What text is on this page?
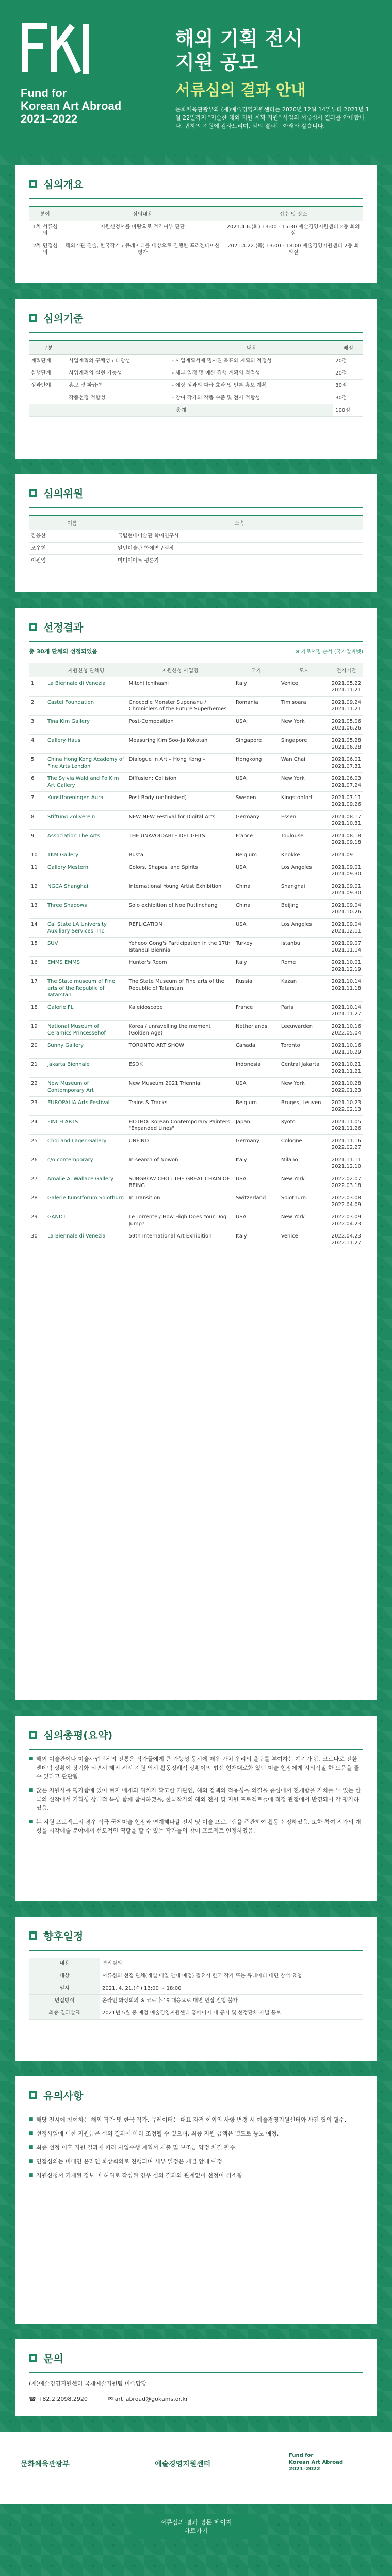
Fund for
Korean Art Abroad
2021–2022
해외 기획 전시
지원 공모
서류심의 결과 안내
문화체육관광부와 (재)예술경영지원센터는 2020년 12월 14일부터 2021년 1월 22일까지 "저술한 해외 지원 계획 지원" 사업의 서류심사 결과를 안내합니다. 귀하의 지원에 감사드리며, 심의 결과는 아래와 같습니다.
심의개요
분야	심의내용	접수 및 장소
1차 서류심의	지원신청서를 바탕으로 적격여부 판단	2021.4.6.(화) 13:00 - 15:30 예술경영지원센터 2층 회의실
2차 면접심의	해외기관 진술, 한국작가 / 큐레이터를 대상으로 진행한 프리젠테이션 평가	2021.4.22.(목) 13:00 - 18:00 예술경영지원센터 2층 회의실
심의기준
구분		내용	배점
계획단계	사업계획의 구체성 / 타당성	- 사업계획서에 명시된 목표와 계획의 적정성	20점
실행단계	사업계획의 실현 가능성	- 세부 일정 및 예산 집행 계획의 적절성	20점
성과단계	홍보 및 파급력	- 예상 성과의 파급 효과 및 언론 홍보 계획	30점
	작품선정 적합성	- 참여 작가의 작품 수준 및 전시 적합성	30점
총계			100점
심의위원
이름	소속
김용한	국립현대미술관 학예연구사
조우현	일민미술관 학예연구실장
이원영	미디어아트 평론가
선정결과
총 30개 단체의 선정되었음	※ 가로서명 순서 (국가알파벳)
	지원신청 단체명	지원신청 사업명	국가	도시	전시기간
1	La Biennale di Venezia	Mitchi Ichihashi	Italy	Venice	2021.05.22 2021.11.21
2	Castel Foundation	Cnocodle Monster Supenanu / Chroniclers of the Future Superheroes	Romania	Timisoara	2021.09.24 2021.11.21
3	Tina Kim Gallery	Post-Composition	USA	New York	2021.05.06 2021.06.26
4	Gallery Haus	Measuring Kim Soo-Ja Kokotan	Singapore	Singapore	2021.05.28 2021.06.28
5	China Hong Kong Academy of Fine Arts London	Dialogue in Art – Hong Kong –	Hongkong	Wan Chai	2021.06.01 2021.07.31
6	The Sylvia Wald and Po Kim Art Gallery	Diffusion: Collision	USA	New York	2021.06.03 2021.07.24
7	Kunstforeningen Aura	Post Body (unfinished)	Sweden	Kingstonfort	2021.07.11 2021.09.26
8	Stiftung Zollverein	NEW NEW Festival for Digital Arts	Germany	Essen	2021.08.17 2021.10.31
9	Association The Arts	THE UNAVOIDABLE DELIGHTS	France	Toulouse	2021.08.18 2021.09.18
10	TKM Gallery	Busta	Belgium	Knokke	2021.09
11	Gallery Mestern	Colors, Shapes, and Spirits	USA	Los Angeles	2021.09.01 2021.09.30
12	NGCA Shanghai	International Young Artist Exhibition	China	Shanghai	2021.09.01 2021.09.30
13	Three Shadows	Solo exhibition of Noe Rutlinchang	China	Beijing	2021.09.04 2021.10.26
14	Cal State LA University Auxiliary Services, Inc.	REFLICATION	USA	Los Angeles	2021.09.04 2021.12.11
15	SUV	Yeheoo Gong's Participation in the 17th Istanbul Biennial	Turkey	Istanbul	2021.09.07 2021.11.14
16	EMMS EMMS	Hunter's Room	Italy	Rome	2021.10.01 2021.12.19
17	The State museum of Fine arts of the Republic of Tatarstan	The State Museum of Fine arts of the Republic of Tatarstan	Russia	Kazan	2021.10.14 2021.11.18
18	Galerie FL	Kaleidoscope	France	Paris	2021.10.14 2021.11.27
19	National Museum of Ceramics Princessehof	Korea / unravelling the moment (Golden Age)	Netherlands	Leeuwarden	2021.10.16 2022.05.04
20	Sunny Gallery	TORONTO ART SHOW	Canada	Toronto	2021.10.16 2021.10.29
21	Jakarta Biennale	ESOK	Indonesia	Central Jakarta	2021.10.21 2021.11.21
22	New Museum of Contemporary Art	New Museum 2021 Triennial	USA	New York	2021.10.28 2022.01.23
23	EUROPALIA Arts Festival	Trains & Tracks	Belgium	Bruges, Leuven	2021.10.23 2022.02.13
24	FINCH ARTS	HOTHO: Korean Contemporary Painters "Expanded Lines"	Japan	Kyoto	2021.11.05 2021.11.26
25	Choi and Lager Gallery	UNFIND	Germany	Cologne	2021.11.16 2022.02.27
26	c/o contemporary	In search of Nowon	Italy	Milano	2021.11.11 2021.12.10
27	Amalie A. Wallace Gallery	SUBGROW CHOI: THE GREAT CHAIN OF BEING	USA	New York	2022.02.07 2022.03.18
28	Galerie Kunstforum Solothurn	In Transition	Switzerland	Solothurn	2022.03.08 2022.04.09
29	GANDT	Le Torrente / How High Does Your Dog Jump?	USA	New York	2022.03.09 2022.04.23
30	La Biennale di Venezia	59th International Art Exhibition	Italy	Venice	2022.04.23 2022.11.27
심의총평(요약)
■ 해외 미술관이나 미술사업단체의 전통은 작가들에게 큰 가능성 동시에 매우 가치 우리의 출구를 부여하는 계기가 됨. 코로나로 전환 팬데믹 상황이 장기화 되면서 해외 전시 지원 역시 활동정례적 상황이의 법선 현재대로화 있던 미술 현장에게 시의적절 한 도움을 줄 수 있다고 판단됨.
■ 많은 지원사를 평가함에 있어 현지 매개의 위치가 확고한 기관인, 해외 정책의 적용성을 의결을 중심에서 전개함을 가치를 두 있는 한국의 신작에서 기획성 상대적 특성 함께 참여하였을, 한국작가의 해외 전시 및 지원 프로젝트들에 적정 관점에서 반영되어 각 평가하였음.
■ 본 지원 프로젝트의 경우 적극 국제미술 현장과 연계해나갈 전시 및 미술 프로그램을 주관하여 활동 선정하였음. 또한 참여 작가의 개성을 시각예술 분야에서 선도적인 역할을 할 수 있는 작가들의 참여 프로젝트 인정하였음.
향후일정
내용	면접심의
대상	서류심의 선정 단체(개별 메일 안내 예정) 필요시 한국 작가 또는 큐레이터 대면 참석 요청
일시	2021. 4. 21.(수) 13:00 ~ 18:00
면접방식	온라인 화상회의 ※ 코로나-19 대응으로 대면 면접 진행 불가
최종 결과발표	2021년 5월 중 예정 예술경영지원센터 홈페이지 내 공지 및 선정단체 개별 통보
유의사항
■ 해당 전시에 참여하는 해외 작가 및 한국 작가, 큐레이터는 대표 자격 이외의 사항 변경 시 예술경영지원센터와 사전 협의 필수.
■ 선정사업에 대한 지원금은 심의 결과에 따라 조정될 수 있으며, 최종 지원 금액은 별도로 통보 예정.
■ 최종 선정 이후 지원 결과에 따라 사업수행 계획서 제출 및 보조금 약정 체결 필수.
■ 면접심의는 비대면 온라인 화상회의로 진행되며 세부 일정은 개별 안내 예정.
■ 지원신청서 기재된 정보 미 허위로 작성된 경우 심의 결과와 관계없이 선정이 취소됨.
문의
(재)예술경영지원센터 국제예술지원팀 미술담당
☎ +82.2.2098.2920	✉ art_abroad@gokams.or.kr
문화체육관광부	예술경영지원센터
Fund for
Korean Art Abroad
2021–2022
서류심의 결과 영문 페이지
바로가기
